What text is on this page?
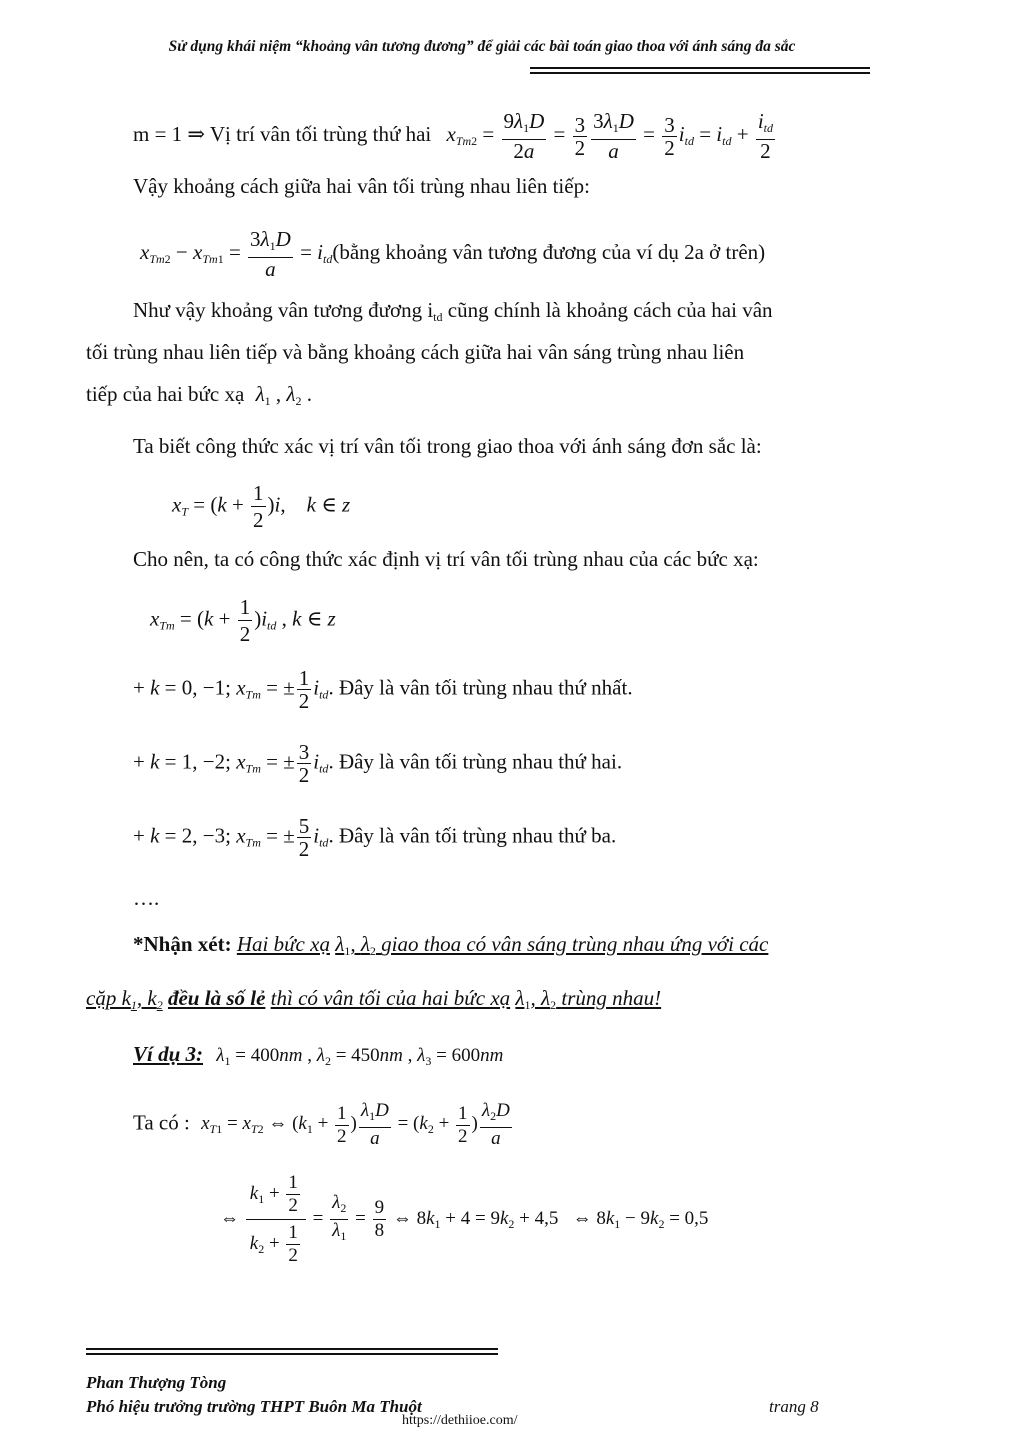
Sử dụng khái niệm “khoảng vân tương đương” để giải các bài toán giao thoa với ánh sáng đa sắc
m = 1 ⇒ Vị trí vân tối trùng thứ hai $x_{Tm}2 = \frac{9\lambda 1D}{2a} = \frac{3}{2} \frac{3\lambda 1D}{a} = \frac{3}{2} i_{td} = i_{td} + \frac{i_{td}}{2}$
Vậy khoảng cách giữa hai vân tối trùng nhau liên tiếp:
$x_{Tm}2 - x_{Tm}1 = \frac{3\lambda 1D}{a}$ = $i_{td}(bằng$ khoảng vân tương đương của ví dụ 2a ở trên)
Như vậy khoảng vân tương đương itd cũng chính là khoảng cách của hai vân
tối trùng nhau liên tiếp và bằng khoảng cách giữa hai vân sáng trùng nhau liên
tiếp của hai bức xạ λ1 , λ2 .
Ta biết công thức xác vị trí vân tối trong giao thoa với ánh sáng đơn sắc là:
$x_T = (k + \frac{1}{2} )i$,    k ∈ z
Cho nên, ta có công thức xác định vị trí vân tối trùng nhau của các bức xạ:
$x_{Tm} = (k + \frac{1}{2} )i_{td}$ , k ∈ z
+ k = 0, −1; $x_{Tm}$ = ± $\frac{1}{2} i_{td}$. Đây là vân tối trùng nhau thứ nhất.
+ k = 1, −2; $x_{Tm}$ = ± $\frac{3}{2} i_{td}$. Đây là vân tối trùng nhau thứ hai.
+ k = 2, −3; $x_{Tm}$ = ± $\frac{5}{2} i_{td}$. Đây là vân tối trùng nhau thứ ba.
….
*Nhận xét: Hai bức xạ λ1, λ2 giao thoa có vân sáng trùng nhau ứng với các
cặp k1, k2 đều là số lẻ thì có vân tối của hai bức xạ λ1, λ2 trùng nhau!
Ví dụ 3: $\lambda_1 = 400nm$ , $\lambda_2 = 450nm$ , $\lambda_3 = 600nm$
Ta có : $x_{T1} = x_{T2}$ ⇔ ($k_1 + \frac{1}{2}$ ) $\frac{\lambda_1D}{a} = (k_2 + \frac{1}{2}$ ) $\frac{\lambda_2D}{a}$
⇔ $\frac{k_1 + \frac{1}{2}}{k_2 + \frac{1}{2}} = \frac{\lambda_2}{\lambda_1} = \frac{9}{8}$ ⇔ $8k_1 + 4 = 9k_2 + 4,5$   ⇔ $8k_1 - 9k_2 = 0,5$
Phan Thượng Tòng
Phó hiệu trưởng trường THPT Buôn Ma Thuột	trang 8
https://dethiioe.com/
